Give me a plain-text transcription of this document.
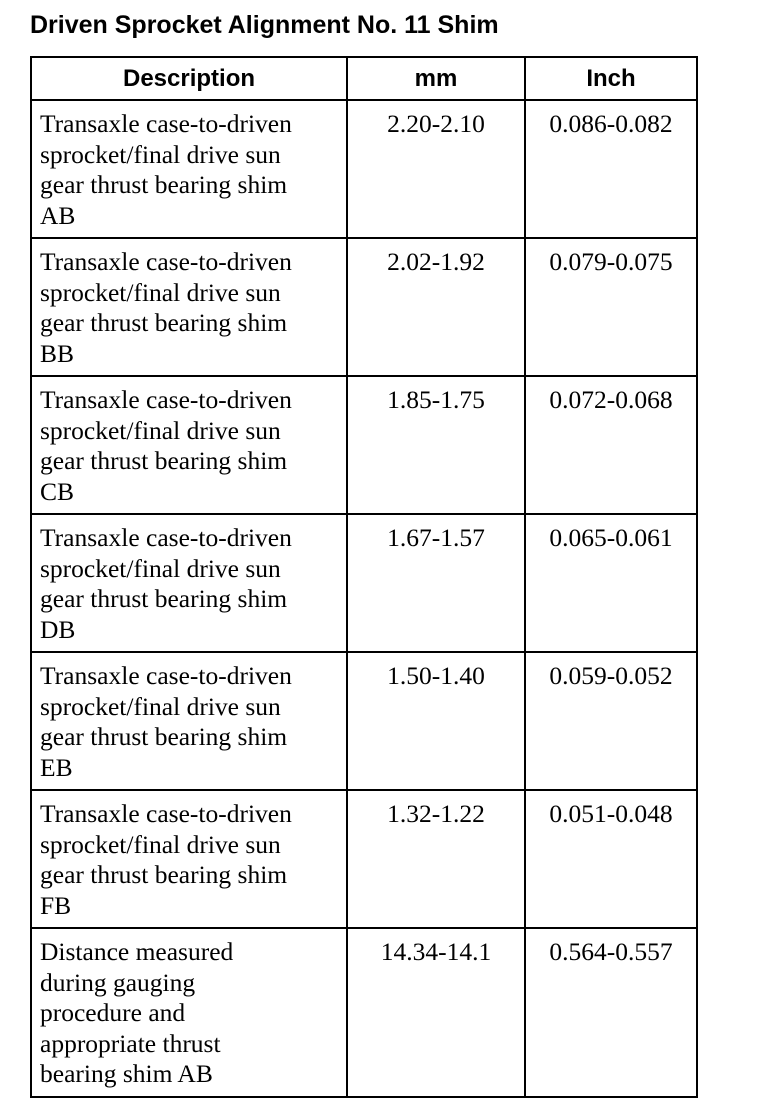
Driven Sprocket Alignment No. 11 Shim
Description	mm	Inch

Transaxle case-to-driven
sprocket/final drive sun
gear thrust bearing shim
AB	2.20-2.10	0.086-0.082

Transaxle case-to-driven
sprocket/final drive sun
gear thrust bearing shim
BB	2.02-1.92	0.079-0.075

Transaxle case-to-driven
sprocket/final drive sun
gear thrust bearing shim
CB	1.85-1.75	0.072-0.068

Transaxle case-to-driven
sprocket/final drive sun
gear thrust bearing shim
DB	1.67-1.57	0.065-0.061

Transaxle case-to-driven
sprocket/final drive sun
gear thrust bearing shim
EB	1.50-1.40	0.059-0.052

Transaxle case-to-driven
sprocket/final drive sun
gear thrust bearing shim
FB	1.32-1.22	0.051-0.048

Distance measured
during gauging
procedure and
appropriate thrust
bearing shim AB	14.34-14.1	0.564-0.557
